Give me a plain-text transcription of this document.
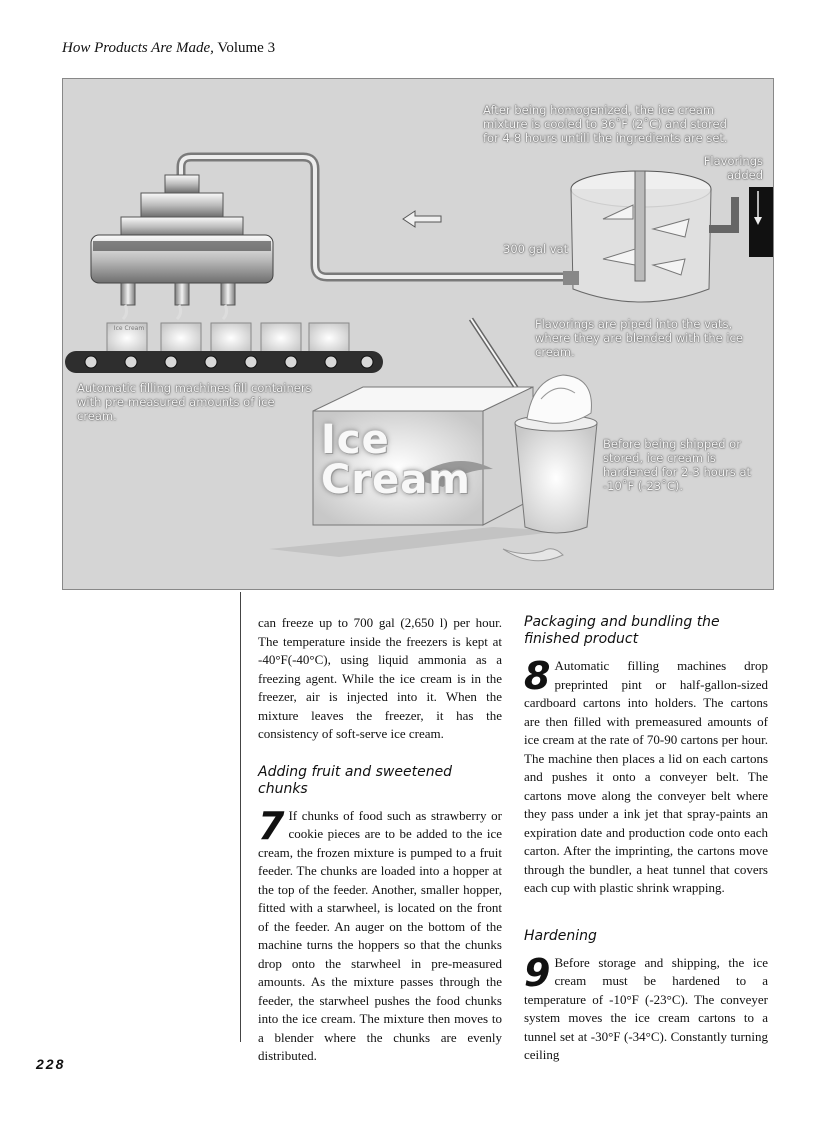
How Products Are Made, Volume 3
Ice
Cream
After being homogenized, the ice cream mixture is cooled to 36˚F (2˚C) and stored for 4-8 hours untill the ingredients are set.
Flavorings
added
300 gal vat
Flavorings are piped into the vats, where they are blended with the ice cream.
Automatic filling machines fill containers with pre-measured amounts of ice cream.
Before being shipped or stored, ice cream is hardened for 2-3 hours at -10˚F (-23˚C).
Ice Cream

can freeze up to 700 gal (2,650 l) per hour. The temperature inside the freezers is kept at -40°F(-40°C), using liquid ammonia as a freezing agent. While the ice cream is in the freezer, air is injected into it. When the mixture leaves the freezer, it has the consistency of soft-serve ice cream.

Adding fruit and sweetened chunks

7 If chunks of food such as strawberry or cookie pieces are to be added to the ice cream, the frozen mixture is pumped to a fruit feeder. The chunks are loaded into a hopper at the top of the feeder. Another, smaller hopper, fitted with a starwheel, is located on the front of the feeder. An auger on the bottom of the machine turns the hoppers so that the chunks drop onto the starwheel in pre-measured amounts. As the mixture passes through the feeder, the starwheel pushes the food chunks into the ice cream. The mixture then moves to a blender where the chunks are evenly distributed.

Packaging and bundling the finished product

8 Automatic filling machines drop preprinted pint or half-gallon-sized cardboard cartons into holders. The cartons are then filled with premeasured amounts of ice cream at the rate of 70-90 cartons per hour. The machine then places a lid on each cartons and pushes it onto a conveyer belt. The cartons move along the conveyer belt where they pass under a ink jet that spray-paints an expiration date and production code onto each carton. After the imprinting, the cartons move through the bundler, a heat tunnel that covers each cup with plastic shrink wrapping.

Hardening

9 Before storage and shipping, the ice cream must be hardened to a temperature of -10°F (-23°C). The conveyer system moves the ice cream cartons to a tunnel set at -30°F (-34°C). Constantly turning ceiling

228
